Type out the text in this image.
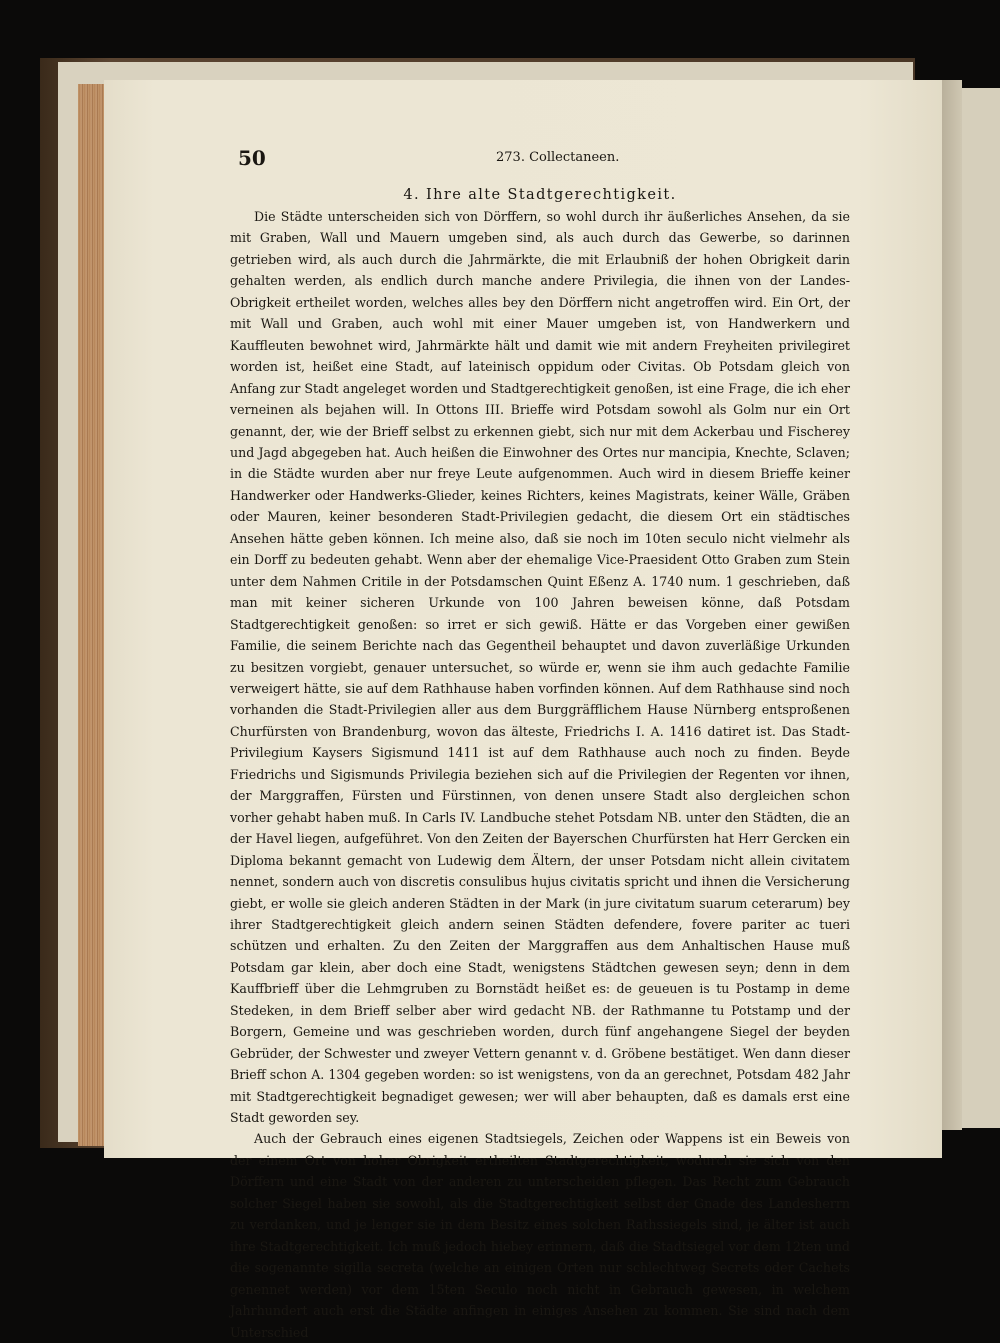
50	273. Collectaneen.

4. Ihre alte Stadtgerechtigkeit.

Die Städte unterscheiden sich von Dörffern, so wohl durch ihr äußerliches Ansehen, da sie mit Graben, Wall und Mauern umgeben sind, als auch durch das Gewerbe, so darinnen getrieben wird, als auch durch die Jahrmärkte, die mit Erlaubniß der hohen Obrigkeit darin gehalten werden, als endlich durch manche andere Privilegia, die ihnen von der Landes-Obrigkeit ertheilet worden, welches alles bey den Dörffern nicht angetroffen wird. Ein Ort, der mit Wall und Graben, auch wohl mit einer Mauer umgeben ist, von Handwerkern und Kauffleuten bewohnet wird, Jahrmärkte hält und damit wie mit andern Freyheiten privilegiret worden ist, heißet eine Stadt, auf lateinisch oppidum oder Civitas. Ob Potsdam gleich von Anfang zur Stadt angeleget worden und Stadtgerechtigkeit genoßen, ist eine Frage, die ich eher verneinen als bejahen will. In Ottons III. Brieffe wird Potsdam sowohl als Golm nur ein Ort genannt, der, wie der Brieff selbst zu erkennen giebt, sich nur mit dem Ackerbau und Fischerey und Jagd abgegeben hat. Auch heißen die Einwohner des Ortes nur mancipia, Knechte, Sclaven; in die Städte wurden aber nur freye Leute aufgenommen. Auch wird in diesem Brieffe keiner Handwerker oder Handwerks-Glieder, keines Richters, keines Magistrats, keiner Wälle, Gräben oder Mauren, keiner besonderen Stadt-Privilegien gedacht, die diesem Ort ein städtisches Ansehen hätte geben können. Ich meine also, daß sie noch im 10ten seculo nicht vielmehr als ein Dorff zu bedeuten gehabt. Wenn aber der ehemalige Vice-Praesident Otto Graben zum Stein unter dem Nahmen Critile in der Potsdamschen Quint Eßenz A. 1740 num. 1 geschrieben, daß man mit keiner sicheren Urkunde von 100 Jahren beweisen könne, daß Potsdam Stadtgerechtigkeit genoßen: so irret er sich gewiß. Hätte er das Vorgeben einer gewißen Familie, die seinem Berichte nach das Gegentheil behauptet und davon zuverläßige Urkunden zu besitzen vorgiebt, genauer untersuchet, so würde er, wenn sie ihm auch gedachte Familie verweigert hätte, sie auf dem Rathhause haben vorfinden können. Auf dem Rathhause sind noch vorhanden die Stadt-Privilegien aller aus dem Burggräfflichem Hause Nürnberg entsproßenen Churfürsten von Brandenburg, wovon das älteste, Friedrichs I. A. 1416 datiret ist. Das Stadt-Privilegium Kaysers Sigismund 1411 ist auf dem Rathhause auch noch zu finden. Beyde Friedrichs und Sigismunds Privilegia beziehen sich auf die Privilegien der Regenten vor ihnen, der Marggraffen, Fürsten und Fürstinnen, von denen unsere Stadt also dergleichen schon vorher gehabt haben muß. In Carls IV. Landbuche stehet Potsdam NB. unter den Städten, die an der Havel liegen, aufgeführet. Von den Zeiten der Bayerschen Churfürsten hat Herr Gercken ein Diploma bekannt gemacht von Ludewig dem Ältern, der unser Potsdam nicht allein civitatem nennet, sondern auch von discretis consulibus hujus civitatis spricht und ihnen die Versicherung giebt, er wolle sie gleich anderen Städten in der Mark (in jure civitatum suarum ceterarum) bey ihrer Stadtgerechtigkeit gleich andern seinen Städten defendere, fovere pariter ac tueri schützen und erhalten. Zu den Zeiten der Marggraffen aus dem Anhaltischen Hause muß Potsdam gar klein, aber doch eine Stadt, wenigstens Städtchen gewesen seyn; denn in dem Kauffbrieff über die Lehmgruben zu Bornstädt heißet es: de geueuen is tu Postamp in deme Stedeken, in dem Brieff selber aber wird gedacht NB. der Rathmanne tu Potstamp und der Borgern, Gemeine und was geschrieben worden, durch fünf angehangene Siegel der beyden Gebrüder, der Schwester und zweyer Vettern genannt v. d. Gröbene bestätiget. Wen dann dieser Brieff schon A. 1304 gegeben worden: so ist wenigstens, von da an gerechnet, Potsdam 482 Jahr mit Stadtgerechtigkeit begnadiget gewesen; wer will aber behaupten, daß es damals erst eine Stadt geworden sey.

Auch der Gebrauch eines eigenen Stadtsiegels, Zeichen oder Wappens ist ein Beweis von der einem Ort von hoher Obrigkeit ertheilten Stadtgerechtigkeit, wodurch sie sich von den Dörffern und eine Stadt von der anderen zu unterscheiden pflegen. Das Recht zum Gebrauch solcher Siegel haben sie sowohl, als die Stadtgerechtigkeit selbst der Gnade des Landesherrn zu verdanken, und je lenger sie in dem Besitz eines solchen Rathssiegels sind, je älter ist auch ihre Stadtgerechtigkeit. Ich muß jedoch hiebey erinnern, daß die Stadtsiegel vor dem 12ten und die sogenannte sigilla secreta (welche an einigen Orten nur schlechtweg Secrets oder Cachets genennet werden) vor dem 15ten Seculo noch nicht in Gebrauch gewesen, in welchem Jahrhundert auch erst die Städte anfingen in einiges Ansehen zu kommen. Sie sind nach dem Unterschied
